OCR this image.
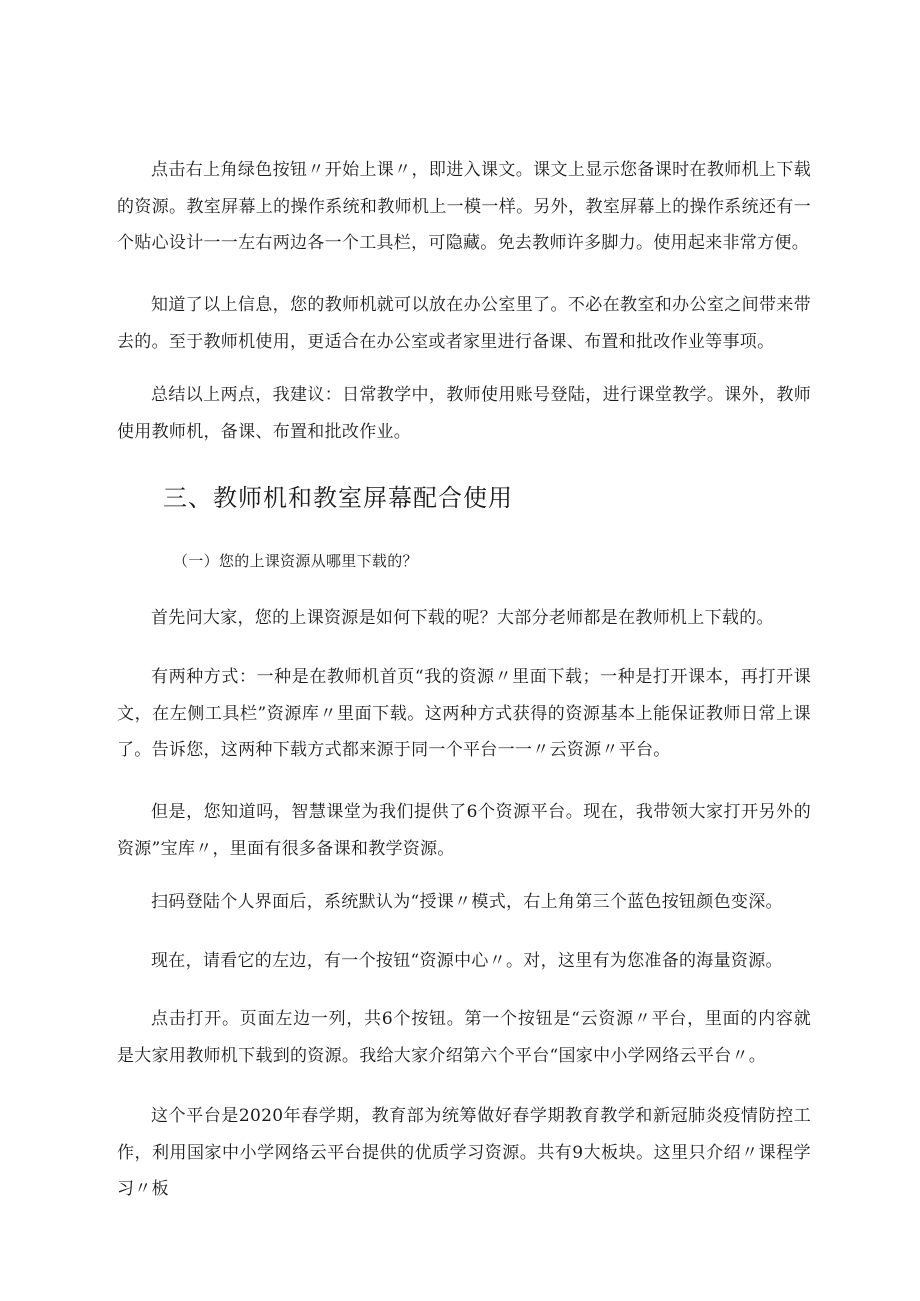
点击右上角绿色按钮〃开始上课〃，即进入课文。课文上显示您备课时在教师机上下载的资源。教室屏幕上的操作系统和教师机上一模一样。另外，教室屏幕上的操作系统还有一个贴心设计一一左右两边各一个工具栏，可隐藏。免去教师许多脚力。使用起来非常方便。

知道了以上信息，您的教师机就可以放在办公室里了。不必在教室和办公室之间带来带去的。至于教师机使用，更适合在办公室或者家里进行备课、布置和批改作业等事项。

总结以上两点，我建议：日常教学中，教师使用账号登陆，进行课堂教学。课外，教师使用教师机，备课、布置和批改作业。

三、教师机和教室屏幕配合使用

（一）您的上课资源从哪里下载的？

首先问大家，您的上课资源是如何下载的呢？大部分老师都是在教师机上下载的。

有两种方式：一种是在教师机首页“我的资源〃里面下载；一种是打开课本，再打开课文，在左侧工具栏”资源库〃里面下载。这两种方式获得的资源基本上能保证教师日常上课了。告诉您，这两种下载方式都来源于同一个平台一一〃云资源〃平台。

但是，您知道吗，智慧课堂为我们提供了6个资源平台。现在，我带领大家打开另外的资源”宝库〃，里面有很多备课和教学资源。

扫码登陆个人界面后，系统默认为“授课〃模式，右上角第三个蓝色按钮颜色变深。

现在，请看它的左边，有一个按钮“资源中心〃。对，这里有为您准备的海量资源。

点击打开。页面左边一列，共6个按钮。第一个按钮是“云资源〃平台，里面的内容就是大家用教师机下载到的资源。我给大家介绍第六个平台“国家中小学网络云平台〃。

这个平台是2020年春学期，教育部为统筹做好春学期教育教学和新冠肺炎疫情防控工作，利用国家中小学网络云平台提供的优质学习资源。共有9大板块。这里只介绍〃课程学习〃板
